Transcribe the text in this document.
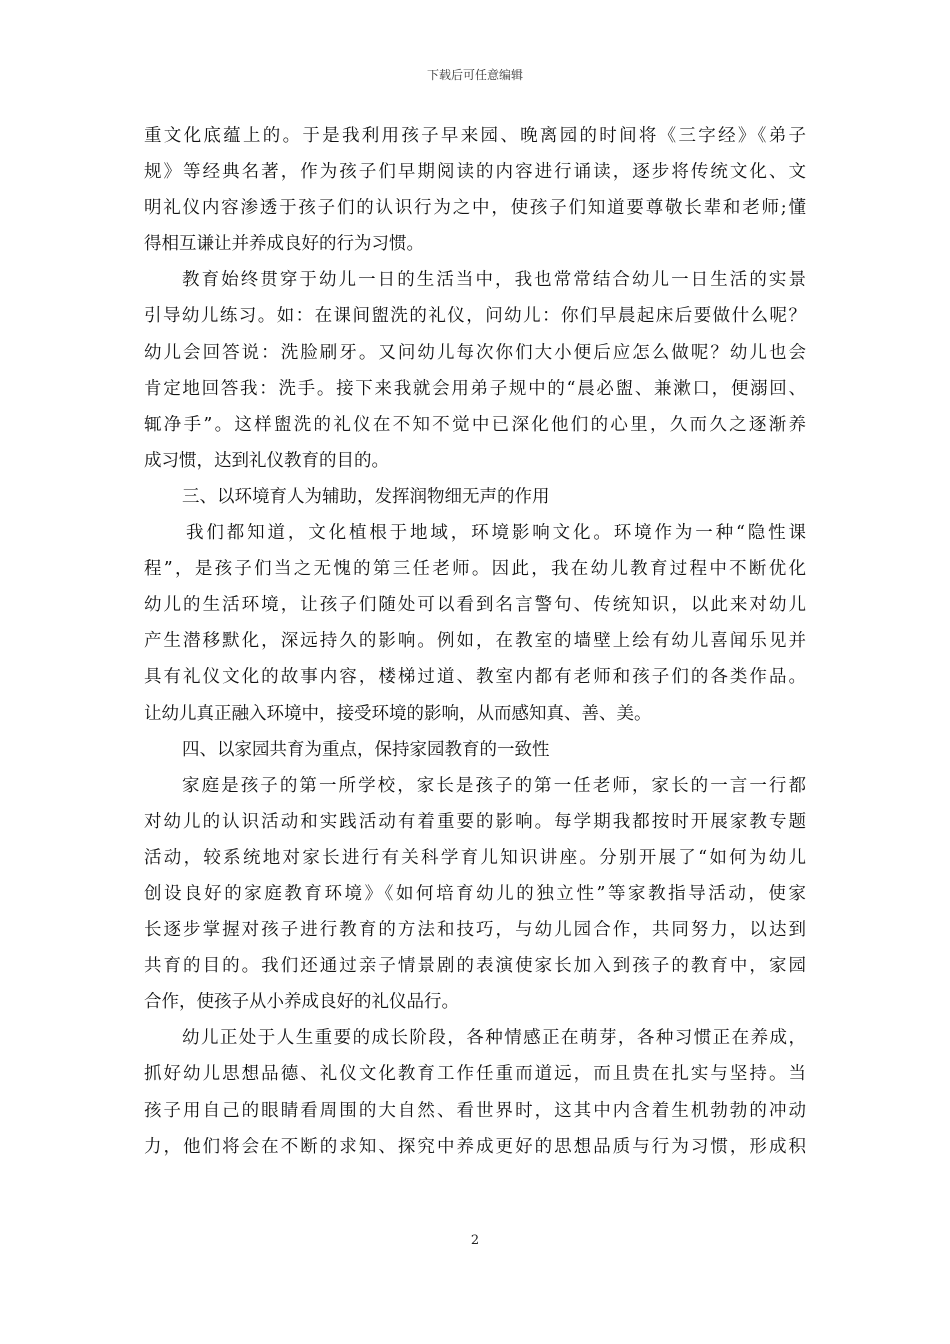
下载后可任意编辑
重文化底蕴上的。于是我利用孩子早来园、晚离园的时间将《三字经》《弟子
规》等经典名著，作为孩子们早期阅读的内容进行诵读，逐步将传统文化、文
明礼仪内容渗透于孩子们的认识行为之中，使孩子们知道要尊敬长辈和老师;懂
得相互谦让并养成良好的行为习惯。
教育始终贯穿于幼儿一日的生活当中，我也常常结合幼儿一日生活的实景
引导幼儿练习。如：在课间盥洗的礼仪，问幼儿：你们早晨起床后要做什么呢？
幼儿会回答说：洗脸刷牙。又问幼儿每次你们大小便后应怎么做呢？幼儿也会
肯定地回答我：洗手。接下来我就会用弟子规中的“晨必盥、兼漱口，便溺回、
辄净手”。这样盥洗的礼仪在不知不觉中已深化他们的心里，久而久之逐渐养
成习惯，达到礼仪教育的目的。
三、以环境育人为辅助，发挥润物细无声的作用
我们都知道，文化植根于地域，环境影响文化。环境作为一种“隐性课
程”，是孩子们当之无愧的第三任老师。因此，我在幼儿教育过程中不断优化
幼儿的生活环境，让孩子们随处可以看到名言警句、传统知识，以此来对幼儿
产生潜移默化，深远持久的影响。例如，在教室的墙壁上绘有幼儿喜闻乐见并
具有礼仪文化的故事内容，楼梯过道、教室内都有老师和孩子们的各类作品。
让幼儿真正融入环境中，接受环境的影响，从而感知真、善、美。
四、以家园共育为重点，保持家园教育的一致性
家庭是孩子的第一所学校，家长是孩子的第一任老师，家长的一言一行都
对幼儿的认识活动和实践活动有着重要的影响。每学期我都按时开展家教专题
活动，较系统地对家长进行有关科学育儿知识讲座。分别开展了“如何为幼儿
创设良好的家庭教育环境》《如何培育幼儿的独立性”等家教指导活动，使家
长逐步掌握对孩子进行教育的方法和技巧，与幼儿园合作，共同努力，以达到
共育的目的。我们还通过亲子情景剧的表演使家长加入到孩子的教育中，家园
合作，使孩子从小养成良好的礼仪品行。
幼儿正处于人生重要的成长阶段，各种情感正在萌芽，各种习惯正在养成，
抓好幼儿思想品德、礼仪文化教育工作任重而道远，而且贵在扎实与坚持。当
孩子用自己的眼睛看周围的大自然、看世界时，这其中内含着生机勃勃的冲动
力，他们将会在不断的求知、探究中养成更好的思想品质与行为习惯，形成积
2
